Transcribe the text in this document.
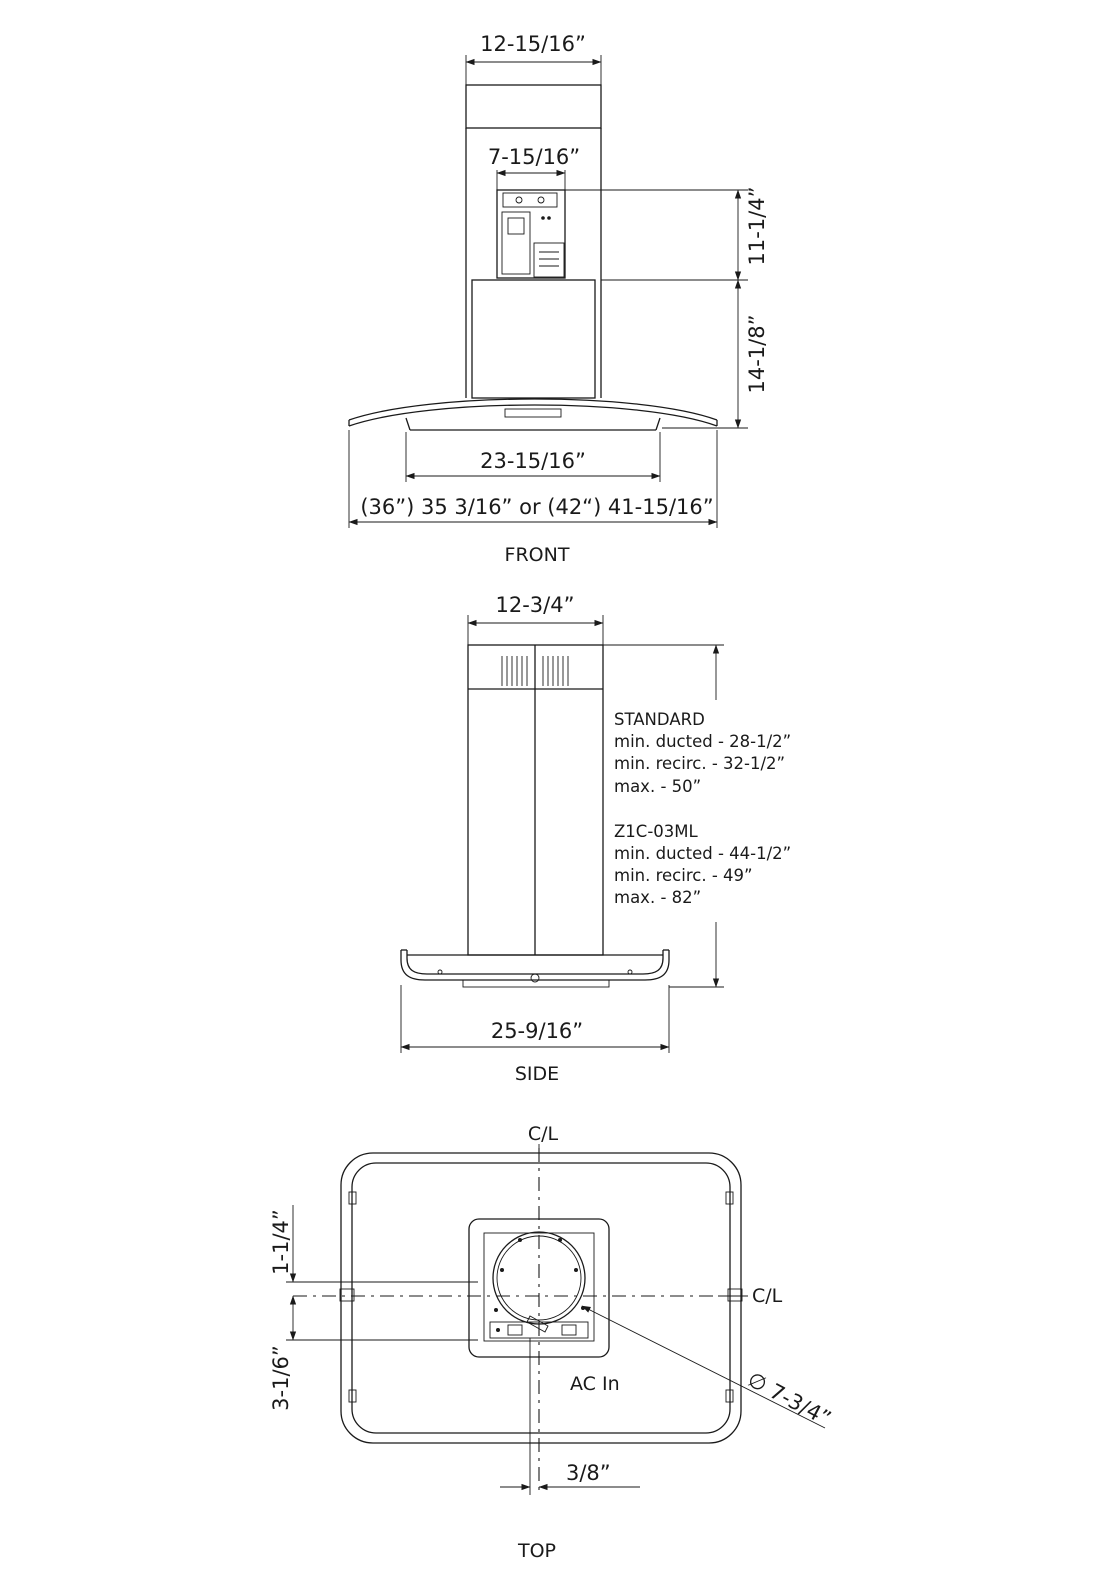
12-15/16”
7-15/16”
11-1/4”
14-1/8”
23-15/16”
(36”) 35 3/16” or (42“) 41-15/16”
FRONT
12-3/4”
STANDARD
min. ducted - 28-1/2”
min. recirc. - 32-1/2”
max. - 50”
Z1C-03ML
min. ducted - 44-1/2”
min. recirc. - 49”
max. - 82”
25-9/16”
SIDE
C/L
C/L
1-1/4”
3-1/6”	∅ 7-3/4”
AC In
3/8”
TOP
